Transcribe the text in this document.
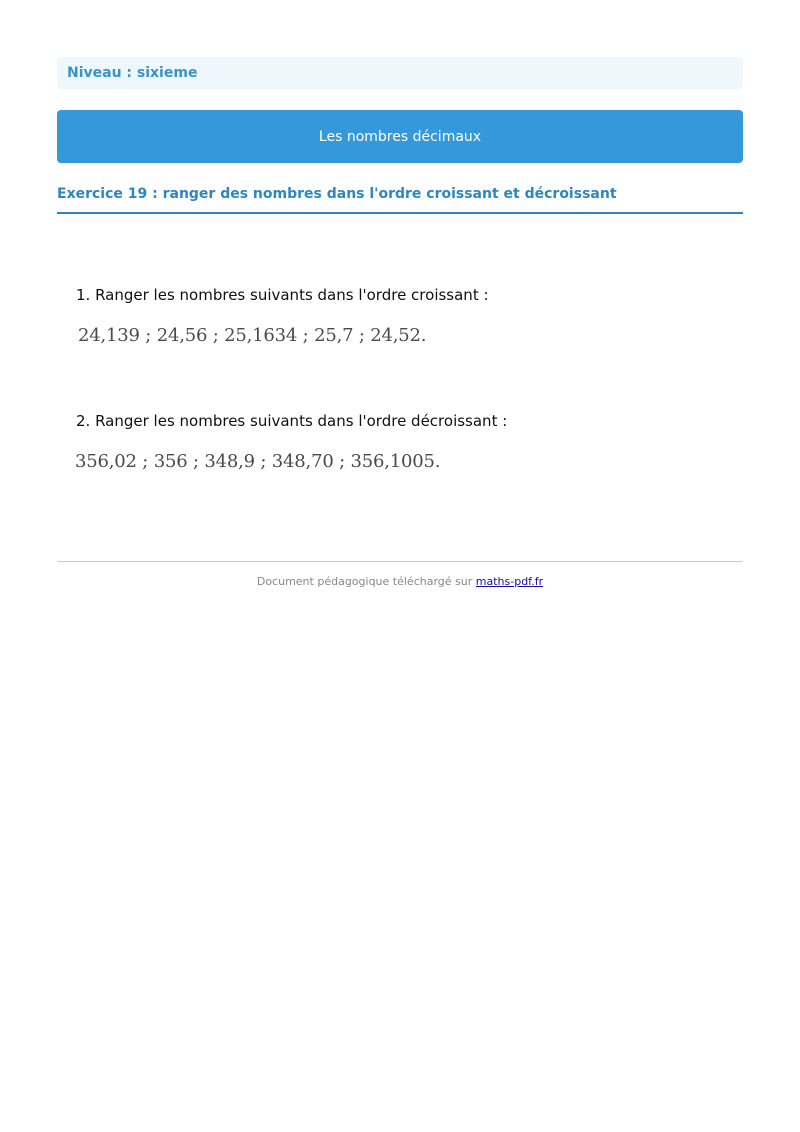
Niveau : sixieme
Les nombres décimaux
Exercice 19 : ranger des nombres dans l'ordre croissant et décroissant
1. Ranger les nombres suivants dans l'ordre croissant :
24,139 ; 24,56 ; 25,1634 ; 25,7 ; 24,52.
2. Ranger les nombres suivants dans l'ordre décroissant :
356,02 ; 356 ; 348,9 ; 348,70 ; 356,1005.
Document pédagogique téléchargé sur maths-pdf.fr
